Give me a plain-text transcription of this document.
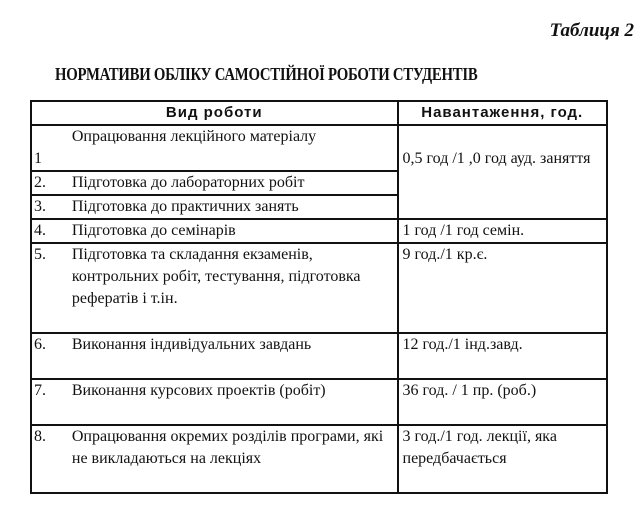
Таблиця 2
НОРМАТИВИ ОБЛІКУ САМОСТІЙНОЇ РОБОТИ СТУДЕНТІВ
Вид роботи		Навантаження, год.
1	Опрацювання лекційного матеріалу	0,5 год /1 ,0 год ауд. заняття
2.	Підготовка до лабораторних робіт	
3.	Підготовка до практичних занять	
4.	Підготовка до семінарів	1 год /1 год семін.
5.	Підготовка та складання екзаменів, контрольних робіт, тестування, підготовка рефератів і т.ін.	9 год./1 кр.є.
6.	Виконання індивідуальних завдань	12 год./1 інд.завд.
7.	Виконання курсових проектів (робіт)	36 год. / 1 пр. (роб.)
8.	Опрацювання окремих розділів програми, які не викладаються на лекціях	3 год./1 год. лекції, яка передбачається
